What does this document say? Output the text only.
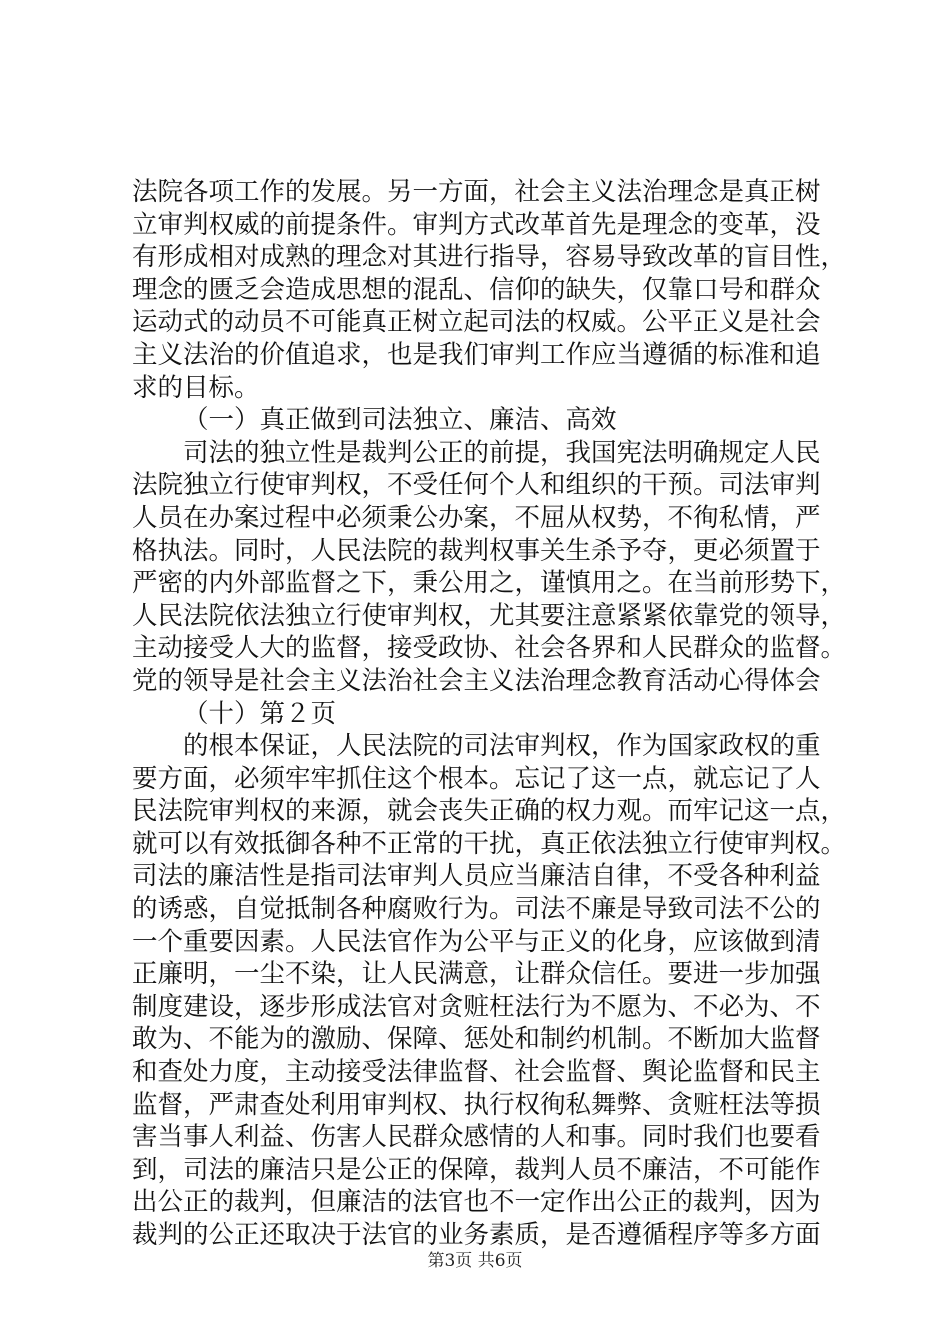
法院各项工作的发展。另一方面，社会主义法治理念是真正树
立审判权威的前提条件。审判方式改革首先是理念的变革，没
有形成相对成熟的理念对其进行指导，容易导致改革的盲目性，
理念的匮乏会造成思想的混乱、信仰的缺失，仅靠口号和群众
运动式的动员不可能真正树立起司法的权威。公平正义是社会
主义法治的价值追求，也是我们审判工作应当遵循的标准和追
求的目标。
（一）真正做到司法独立、廉洁、高效
司法的独立性是裁判公正的前提，我国宪法明确规定人民
法院独立行使审判权，不受任何个人和组织的干预。司法审判
人员在办案过程中必须秉公办案，不屈从权势，不徇私情，严
格执法。同时，人民法院的裁判权事关生杀予夺，更必须置于
严密的内外部监督之下，秉公用之，谨慎用之。在当前形势下，
人民法院依法独立行使审判权，尤其要注意紧紧依靠党的领导，
主动接受人大的监督，接受政协、社会各界和人民群众的监督。
党的领导是社会主义法治社会主义法治理念教育活动心得体会
（十）第２页
的根本保证，人民法院的司法审判权，作为国家政权的重
要方面，必须牢牢抓住这个根本。忘记了这一点，就忘记了人
民法院审判权的来源，就会丧失正确的权力观。而牢记这一点，
就可以有效抵御各种不正常的干扰，真正依法独立行使审判权。
司法的廉洁性是指司法审判人员应当廉洁自律，不受各种利益
的诱惑，自觉抵制各种腐败行为。司法不廉是导致司法不公的
一个重要因素。人民法官作为公平与正义的化身，应该做到清
正廉明，一尘不染，让人民满意，让群众信任。要进一步加强
制度建设，逐步形成法官对贪赃枉法行为不愿为、不必为、不
敢为、不能为的激励、保障、惩处和制约机制。不断加大监督
和查处力度，主动接受法律监督、社会监督、舆论监督和民主
监督，严肃查处利用审判权、执行权徇私舞弊、贪赃枉法等损
害当事人利益、伤害人民群众感情的人和事。同时我们也要看
到，司法的廉洁只是公正的保障，裁判人员不廉洁，不可能作
出公正的裁判，但廉洁的法官也不一定作出公正的裁判，因为
裁判的公正还取决于法官的业务素质，是否遵循程序等多方面
第3页 共6页
